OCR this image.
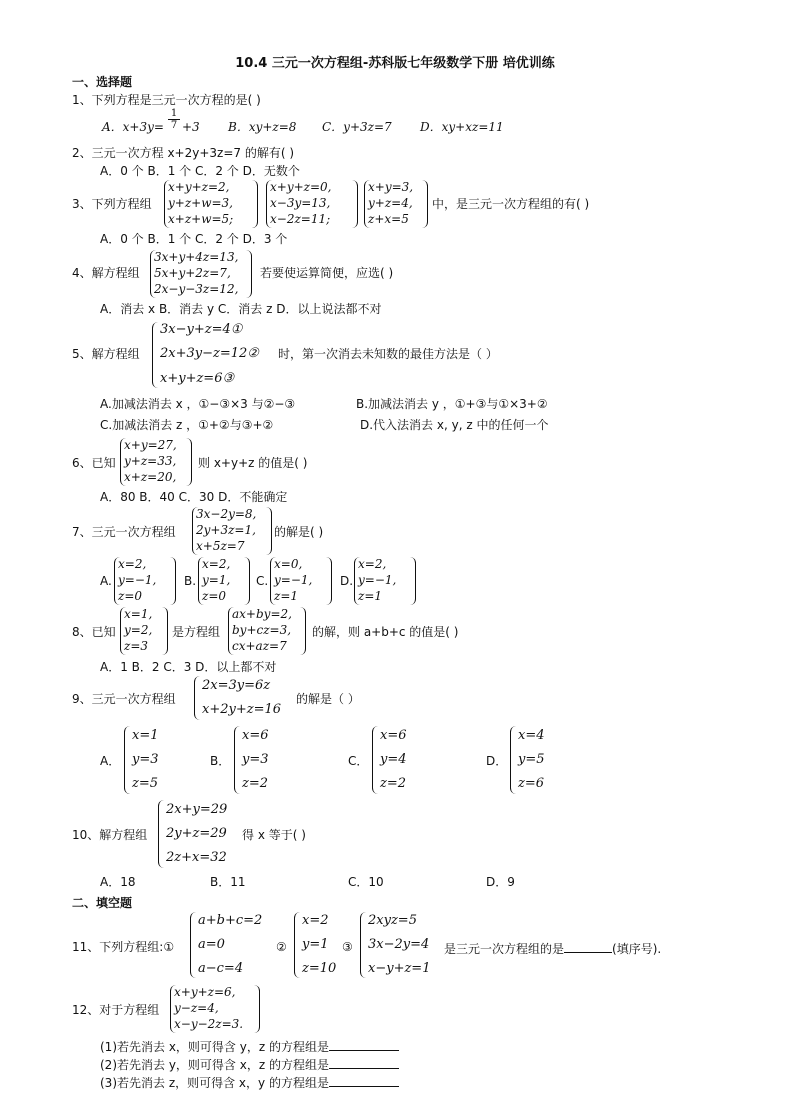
10.4 三元一次方程组-苏科版七年级数学下册 培优训练
一、选择题
1、下列方程是三元一次方程的是( )
A．$x+3y= \frac{1}{7} +3$ B．xy+z=8 C．y+3z=7 D．xy+xz=11
2、三元一次方程 x+2y+3z=7 的解有( )
A．0 个 B．1 个 C．2 个 D．无数个
3、下列方程组
x+y+z=2,
y+z+w=3,
x+z+w=5;
x+y+z=0,
x−3y=13,
x−2z=11;
x+y=3,
y+z=4,
z+x=5
中，是三元一次方程组的有( )
A．0 个 B．1 个 C．2 个 D．3 个
4、解方程组
3x+y+4z=13,
5x+y+2z=7,
2x−y−3z=12,
若要使运算简便，应选( )
A．消去 x B．消去 y C．消去 z D．以上说法都不对
5、解方程组
3x−y+z=4①
2x+3y−z=12②
x+y+z=6③
时，第一次消去未知数的最佳方法是（ ）
A.加减法消去 x ，①−③×3 与②−③	B.加减法消去 y ，①+③与①×3+②
C.加减法消去 z ，①+②与③+②	D.代入法消去 x, y, z 中的任何一个
6、已知
x+y=27,
y+z=33,
x+z=20,
则 x+y+z 的值是( )
A．80 B．40 C．30 D．不能确定
7、三元一次方程组
3x−2y=8,
2y+3z=1,
x+5z=7
的解是( )
A.
x=2,
y=−1,
z=0
B.
x=2,
y=1,
z=0
C.
x=0,
y=−1,
z=1
D.
x=2,
y=−1,
z=1
8、已知
x=1,
y=2,
z=3
是方程组
ax+by=2,
by+cz=3,
cx+az=7
的解，则 a+b+c 的值是( )
A．1 B．2 C．3 D．以上都不对
9、三元一次方程组
2x=3y=6z
x+2y+z=16
的解是（ ）
A．
x=1
y=3
z=5
B．
x=6
y=3
z=2
C．
x=6
y=4
z=2
D．
x=4
y=5
z=6
10、解方程组
2x+y=29
2y+z=29
2z+x=32
得 x 等于( )
A．18	B．11	C．10	D．9
二、填空题
11、下列方程组:①
a+b+c=2
a=0
a−c=4
②
x=2
y=1
z=10
③
2xyz=5
3x−2y=4
x−y+z=1
是三元一次方程组的是	(填序号).
12、对于方程组
x+y+z=6,
y−z=4,
x−y−2z=3.
(1)若先消去 x，则可得含 y，z 的方程组是
(2)若先消去 y，则可得含 x，z 的方程组是
(3)若先消去 z，则可得含 x，y 的方程组是
